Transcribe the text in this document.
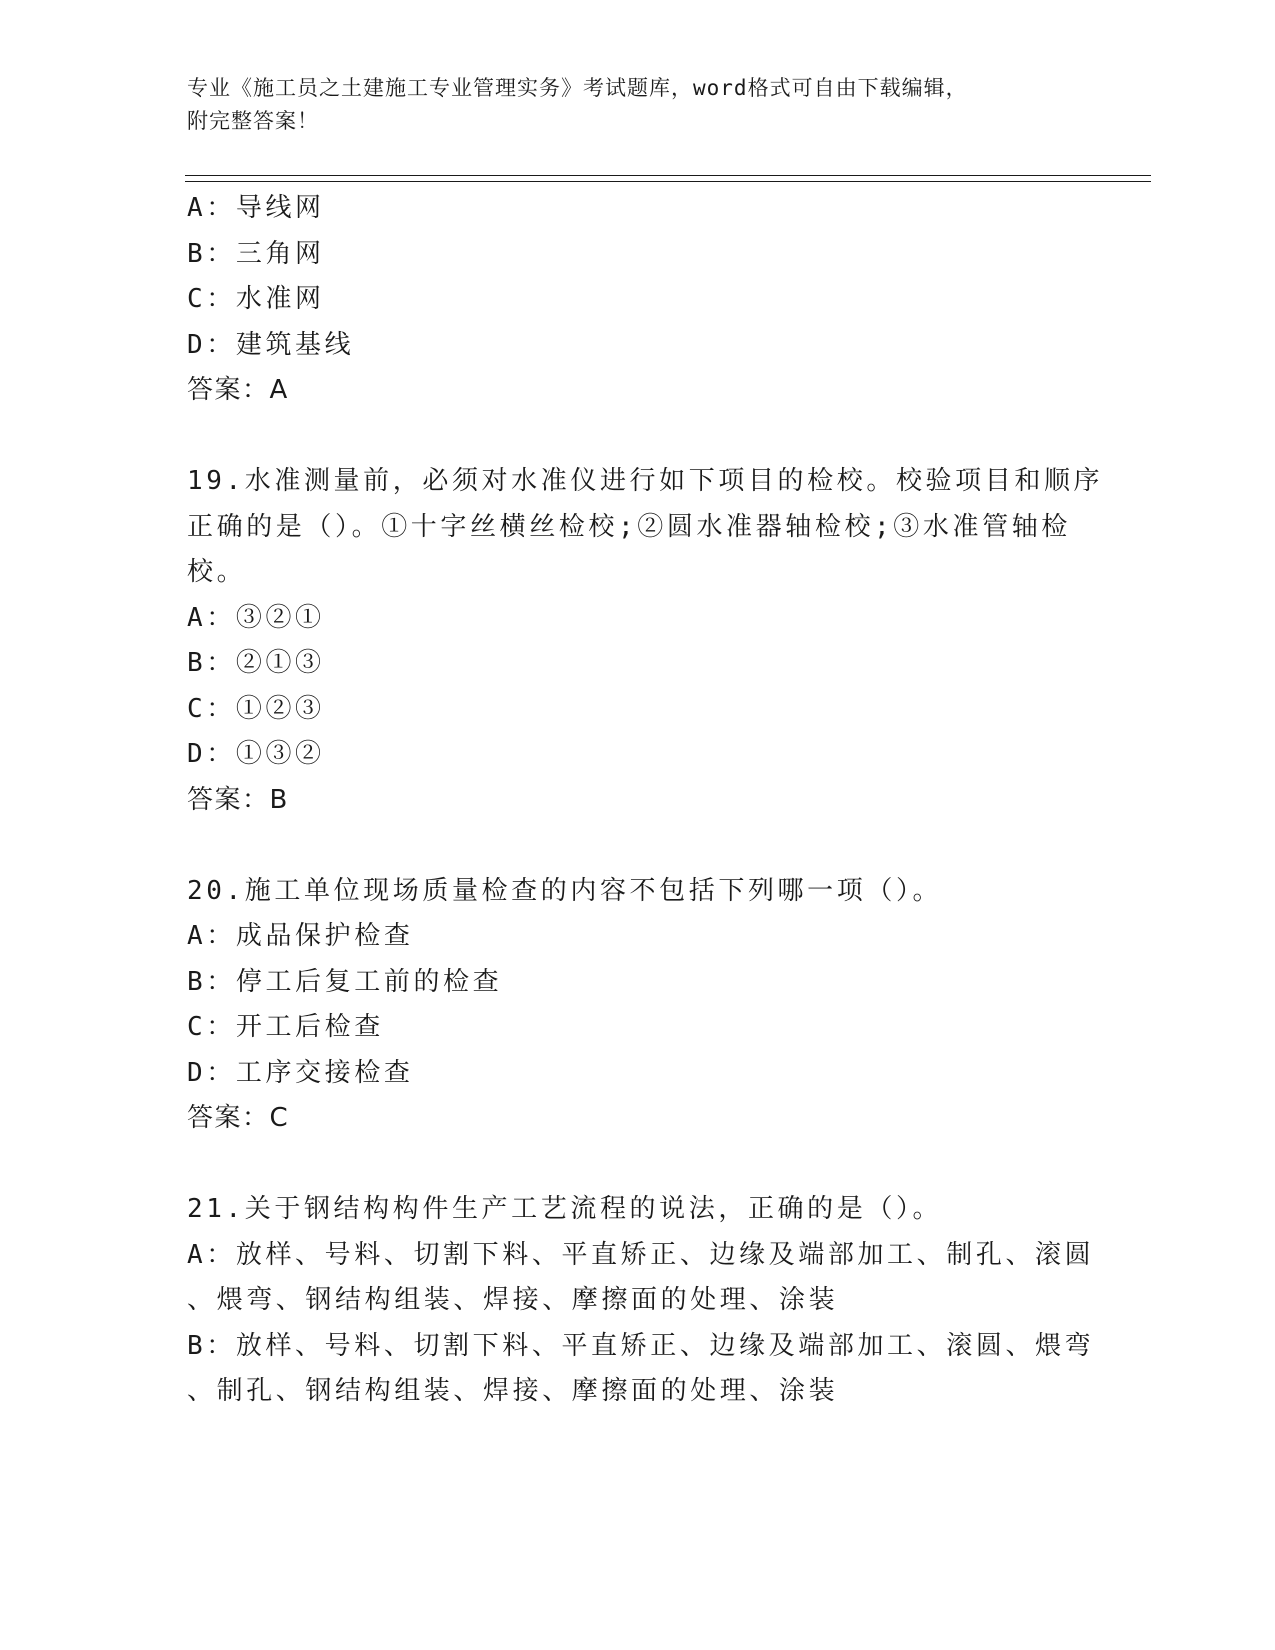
专业《施工员之土建施工专业管理实务》考试题库，word格式可自由下载编辑，
附完整答案！
A：导线网
B：三角网
C：水准网
D：建筑基线
答案：A
19.水准测量前，必须对水准仪进行如下项目的检校。校验项目和顺序
正确的是（）。①十字丝横丝检校;②圆水准器轴检校;③水准管轴检
校。
A：③②①
B：②①③
C：①②③
D：①③②
答案：B
20.施工单位现场质量检查的内容不包括下列哪一项（）。
A：成品保护检查
B：停工后复工前的检查
C：开工后检查
D：工序交接检查
答案：C
21.关于钢结构构件生产工艺流程的说法，正确的是（）。
A：放样、号料、切割下料、平直矫正、边缘及端部加工、制孔、滚圆
、煨弯、钢结构组装、焊接、摩擦面的处理、涂装
B：放样、号料、切割下料、平直矫正、边缘及端部加工、滚圆、煨弯
、制孔、钢结构组装、焊接、摩擦面的处理、涂装
